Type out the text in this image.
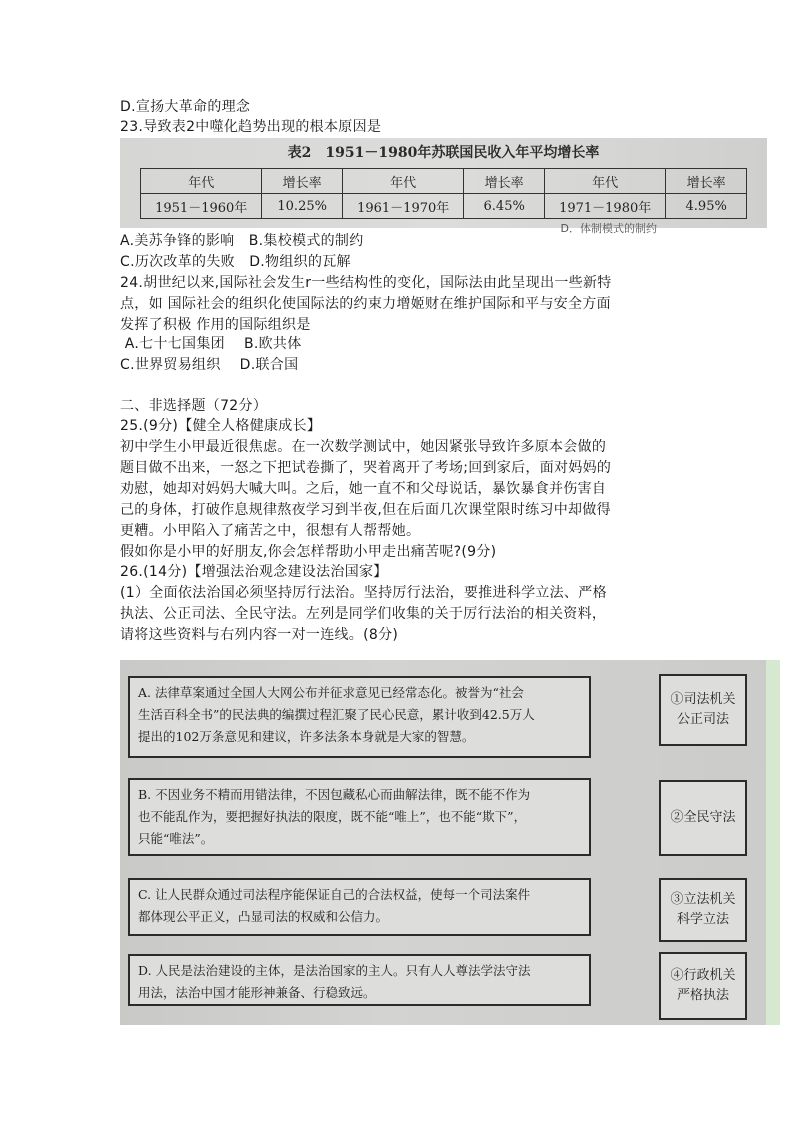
D.宣扬大革命的理念
23.导致表2中噬化趋势出现的根本原因是
表2　1951－1980年苏联国民收入年平均增长率
年代	增长率	年代	增长率	年代	增长率
1951－1960年	10.25%	1961－1970年	6.45%	1971－1980年	4.95%
D．体制模式的制约
A.美苏争锋的影响　B.集校模式的制约
C.历次改革的失败　D.物组织的瓦解
24.胡世纪以来,国际社会发生r一些结构性的变化，国际法由此呈现出一些新特
点，如 国际社会的组织化使国际法的约束力增姬财在维护国际和平与安全方面
发挥了积极 作用的国际组织是
A.七十七国集团　 B.欧共体
C.世界贸易组织　 D.联合国
二、非选择题（72分）
25.(9分)【健全人格健康成长】
初中学生小甲最近很焦虑。在一次数学测试中，她因紧张导致许多原本会做的
题目做不出来，一怒之下把试卷撕了，哭着离开了考场;回到家后，面对妈妈的
劝慰，她却对妈妈大喊大叫。之后，她一直不和父母说话，暴饮暴食并伤害自
己的身体，打破作息规律熬夜学习到半夜,但在后面几次课堂限时练习中却做得
更糟。小甲陷入了痛苦之中，很想有人帮帮她。
假如你是小甲的好朋友,你会怎样帮助小甲走出痛苦呢?(9分)
26.(14分)【增强法治观念建设法治国家】
(1）全面依法治国必须坚持厉行法治。坚持厉行法治，要推进科学立法、严格
执法、公正司法、全民守法。左列是同学们收集的关于厉行法治的相关资料，
请将这些资料与右列内容一对一连线。(8分)
A. 法律草案通过全国人大网公布并征求意见已经常态化。被誉为“社会
生活百科全书”的民法典的编撰过程汇聚了民心民意，累计收到42.5万人
提出的102万条意见和建议，许多法条本身就是大家的智慧。
B. 不因业务不精而用错法律，不因包藏私心而曲解法律，既不能不作为
也不能乱作为，要把握好执法的限度，既不能“唯上”，也不能“欺下”，
只能“唯法”。
C. 让人民群众通过司法程序能保证自己的合法权益，使每一个司法案件
都体现公平正义，凸显司法的权威和公信力。
D. 人民是法治建设的主体，是法治国家的主人。只有人人尊法学法守法
用法，法治中国才能形神兼备、行稳致远。
①司法机关
公正司法
②全民守法
③立法机关
科学立法
④行政机关
严格执法
